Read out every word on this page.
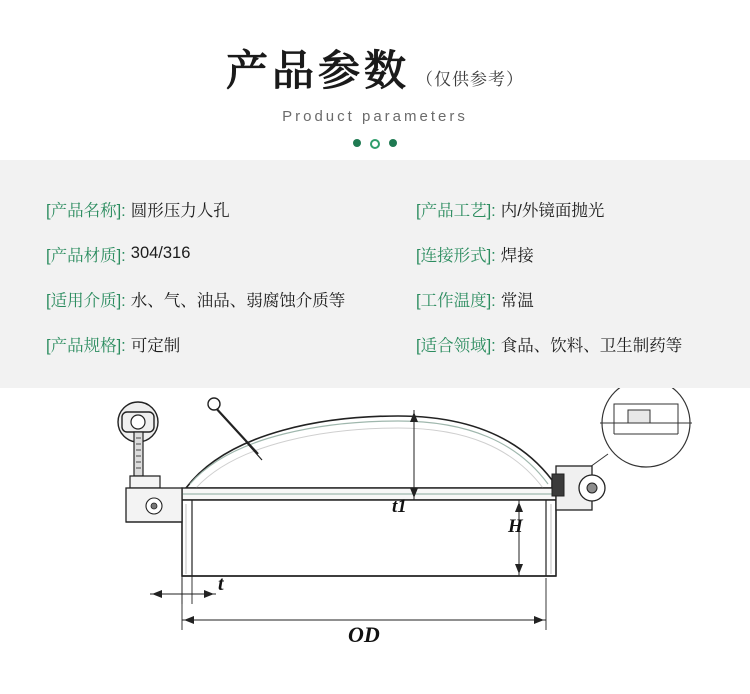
产品参数 （仅供参考）
Product parameters
[产品名称]: 圆形压力人孔	[产品工艺]: 内/外镜面抛光
[产品材质]: 304/316	[连接形式]: 焊接
[适用介质]: 水、气、油品、弱腐蚀介质等	[工作温度]: 常温
[产品规格]: 可定制	[适合领域]: 食品、饮料、卫生制药等
t1
H
t
OD
